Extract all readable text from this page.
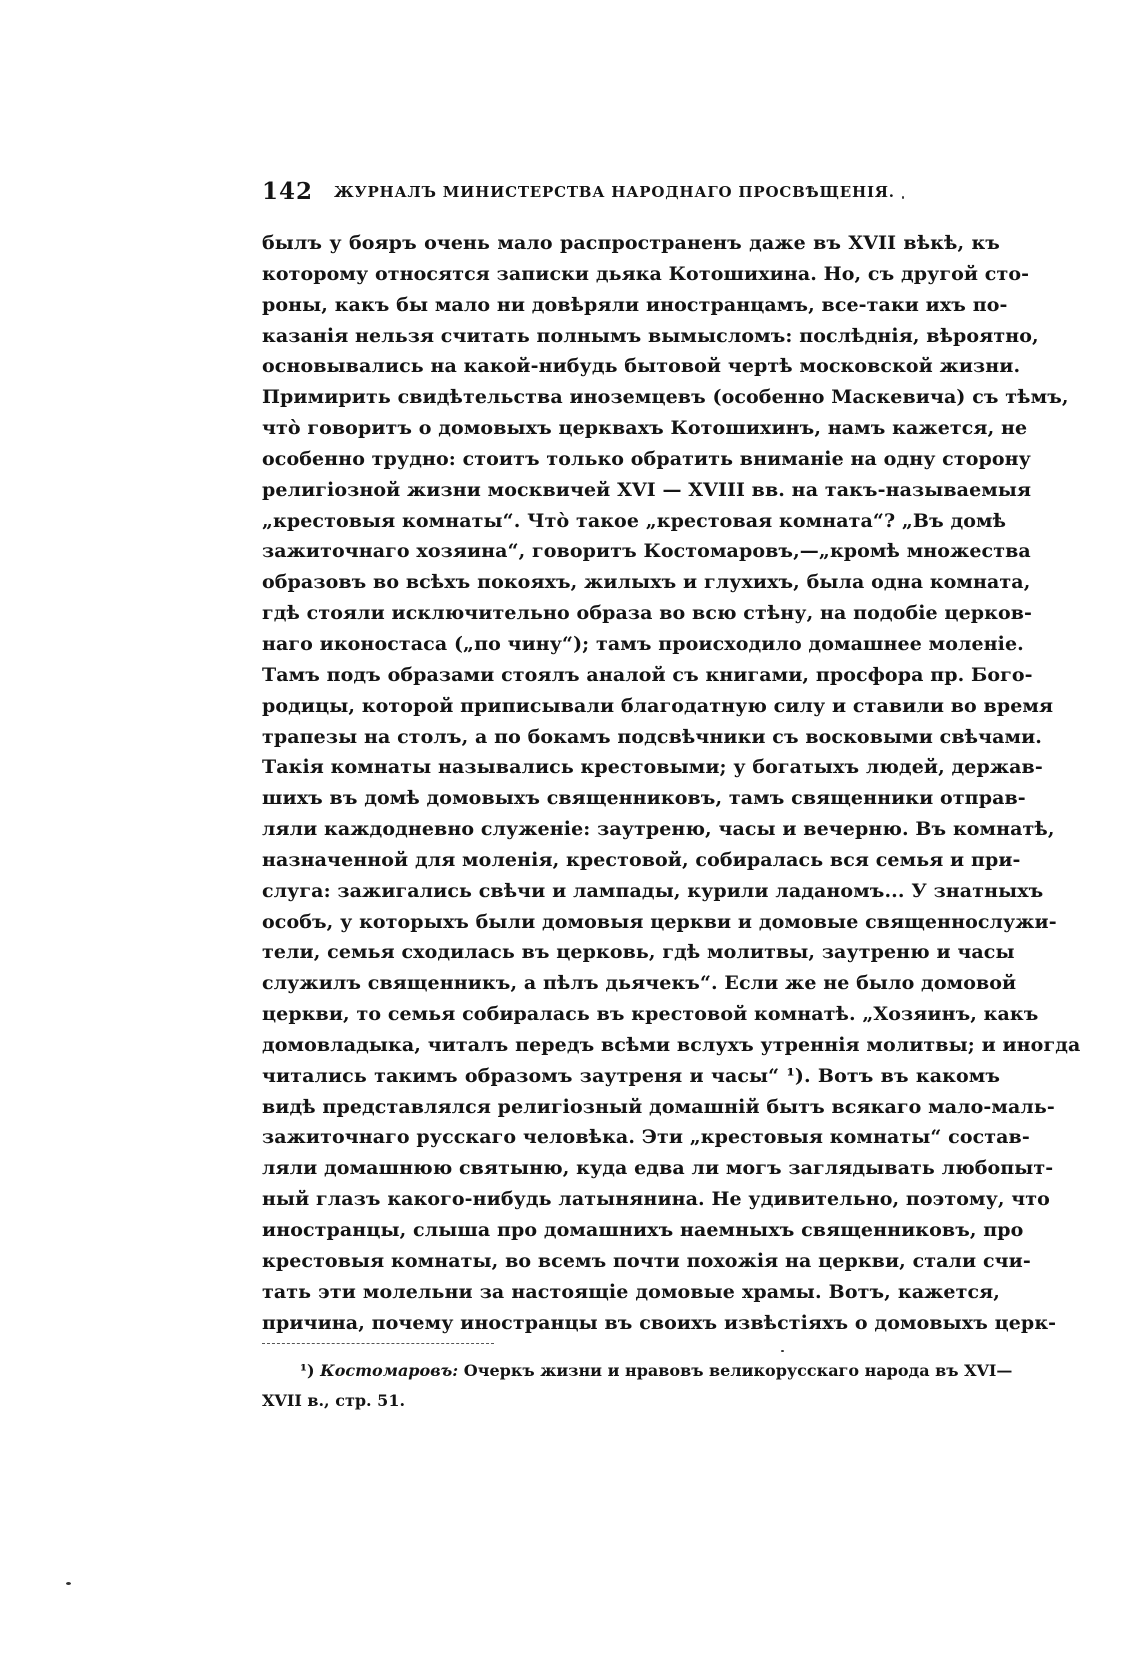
142 ЖУРНАЛЪ МИНИСТЕРСТВА НАРОДНАГО ПРОСВѢЩЕНІЯ.
былъ у бояръ очень мало распространенъ даже въ XVII вѣкѣ, къ
которому относятся записки дьяка Котошихина. Но, съ другой сто-
роны, какъ бы мало ни довѣряли иностранцамъ, все-таки ихъ по-
казанія нельзя считать полнымъ вымысломъ: послѣднія, вѣроятно,
основывались на какой-нибудь бытовой чертѣ московской жизни.
Примирить свидѣтельства иноземцевъ (особенно Маскевича) съ тѣмъ,
что̀ говоритъ о домовыхъ церквахъ Котошихинъ, намъ кажется, не
особенно трудно: стоитъ только обратить вниманіе на одну сторону
религіозной жизни москвичей XVI — XVIII вв. на такъ-называемыя
„крестовыя комнаты“. Что̀ такое „крестовая комната“? „Въ домѣ
зажиточнаго хозяина“, говоритъ Костомаровъ,—„кромѣ множества
образовъ во всѣхъ покояхъ, жилыхъ и глухихъ, была одна комната,
гдѣ стояли исключительно образа во всю стѣну, на подобіе церков-
наго иконостаса („по чину“); тамъ происходило домашнее моленіе.
Тамъ подъ образами стоялъ аналой съ книгами, просфора пр. Бого-
родицы, которой приписывали благодатную силу и ставили во время
трапезы на столъ, а по бокамъ подсвѣчники съ восковыми свѣчами.
Такія комнаты назывались крестовыми; у богатыхъ людей, держав-
шихъ въ домѣ домовыхъ священниковъ, тамъ священники отправ-
ляли каждодневно служеніе: заутреню, часы и вечерню. Въ комнатѣ,
назначенной для моленія, крестовой, собиралась вся семья и при-
слуга: зажигались свѣчи и лампады, курили ладаномъ... У знатныхъ
особъ, у которыхъ были домовыя церкви и домовые священнослужи-
тели, семья сходилась въ церковь, гдѣ молитвы, заутреню и часы
служилъ священникъ, а пѣлъ дьячекъ“. Если же не было домовой
церкви, то семья собиралась въ крестовой комнатѣ. „Хозяинъ, какъ
домовладыка, читалъ передъ всѣми вслухъ утреннія молитвы; и иногда
читались такимъ образомъ заутреня и часы“ ¹). Вотъ въ какомъ
видѣ представлялся религіозный домашній бытъ всякаго мало-маль-
зажиточнаго русскаго человѣка. Эти „крестовыя комнаты“ состав-
ляли домашнюю святыню, куда едва ли могъ заглядывать любопыт-
ный глазъ какого-нибудь латынянина. Не удивительно, поэтому, что
иностранцы, слыша про домашнихъ наемныхъ священниковъ, про
крестовыя комнаты, во всемъ почти похожія на церкви, стали счи-
тать эти молельни за настоящіе домовые храмы. Вотъ, кажется,
причина, почему иностранцы въ своихъ извѣстіяхъ о домовыхъ церк-
¹) Костомаровъ: Очеркъ жизни и нравовъ великорусскаго народа въ XVI—
XVII в., стр. 51.
